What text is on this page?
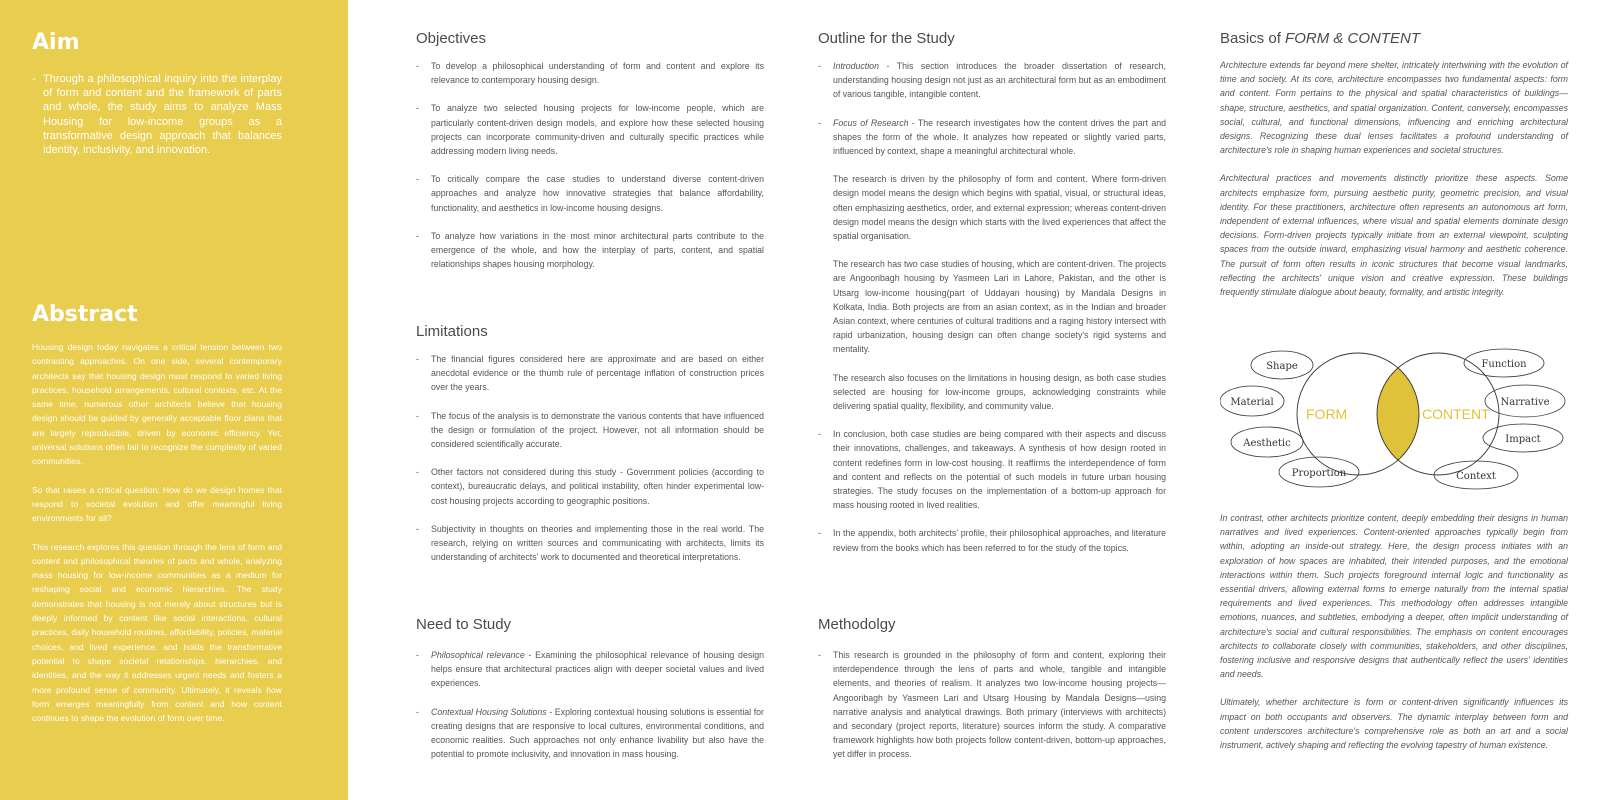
Aim
- Through a philosophical inquiry into the interplay of form and content and the framework of parts and whole, the study aims to analyze Mass Housing for low-income groups as a transformative design approach that balances identity, inclusivity, and innovation.
Abstract

Housing design today navigates a critical tension between two contrasting approaches. On one side, several contemporary architects say that housing design must respond to varied living practices, household arrangements, cultural contexts, etc. At the same time, numerous other architects believe that housing design should be guided by generally acceptable floor plans that are largely reproducible, driven by economic efficiency. Yet, universal solutions often fail to recognize the complexity of varied communities.

So that raises a critical question: How do we design homes that respond to societal evolution and offer meaningful living environments for all?

This research explores this question through the lens of form and content and philosophical theories of parts and whole, analyzing mass housing for low-income communities as a medium for reshaping social and economic hierarchies. The study demonstrates that housing is not merely about structures but is deeply informed by content like social interactions, cultural practices, daily household routines, affordability, policies, material choices, and lived experience, and holds the transformative potential to shape societal relationships, hierarchies, and identities, and the way it addresses urgent needs and fosters a more profound sense of community. Ultimately, it reveals how form emerges meaningfully from content and how content continues to shape the evolution of form over time.

Objectives
- To develop a philosophical understanding of form and content and explore its relevance to contemporary housing design.
- To analyze two selected housing projects for low-income people, which are particularly content-driven design models, and explore how these selected housing projects can incorporate community-driven and culturally specific practices while addressing modern living needs.
- To critically compare the case studies to understand diverse content-driven approaches and analyze how innovative strategies that balance affordability, functionality, and aesthetics in low-income housing designs.
- To analyze how variations in the most minor architectural parts contribute to the emergence of the whole, and how the interplay of parts, content, and spatial relationships shapes housing morphology.
Limitations
- The financial figures considered here are approximate and are based on either anecdotal evidence or the thumb rule of percentage inflation of construction prices over the years.
- The focus of the analysis is to demonstrate the various contents that have influenced the design or formulation of the project. However, not all information should be considered scientifically accurate.
- Other factors not considered during this study - Government policies (according to context), bureaucratic delays, and political instability, often hinder experimental low-cost housing projects according to geographic positions.
- Subjectivity in thoughts on theories and implementing those in the real world. The research, relying on written sources and communicating with architects, limits its understanding of architects' work to documented and theoretical interpretations.
Need to Study
- Philosophical relevance - Examining the philosophical relevance of housing design helps ensure that architectural practices align with deeper societal values and lived experiences.
- Contextual Housing Solutions - Exploring contextual housing solutions is essential for creating designs that are responsive to local cultures, environmental conditions, and economic realities. Such approaches not only enhance livability but also have the potential to promote inclusivity, and innovation in mass housing.
Outline for the Study
- Introduction - This section introduces the broader dissertation of research, understanding housing design not just as an architectural form but as an embodiment of various tangible, intangible content.
- Focus of Research - The research investigates how the content drives the part and shapes the form of the whole. It analyzes how repeated or slightly varied parts, influenced by context, shape a meaningful architectural whole.
The research is driven by the philosophy of form and content. Where form-driven design model means the design which begins with spatial, visual, or structural ideas, often emphasizing aesthetics, order, and external expression; whereas content-driven design model means the design which starts with the lived experiences that affect the spatial organisation.
The research has two case studies of housing, which are content-driven. The projects are Angooribagh housing by Yasmeen Lari in Lahore, Pakistan, and the other is Utsarg low-income housing(part of Uddayan housing) by Mandala Designs in Kolkata, India. Both projects are from an asian context, as in the Indian and broader Asian context, where centuries of cultural traditions and a raging history intersect with rapid urbanization, housing design can often change society's rigid systems and mentality.
The research also focuses on the limitations in housing design, as both case studies selected are housing for low-income groups, acknowledging constraints while delivering spatial quality, flexibility, and community value.
- In conclusion, both case studies are being compared with their aspects and discuss their innovations, challenges, and takeaways. A synthesis of how design rooted in content redefines form in low-cost housing. It reaffirms the interdependence of form and content and reflects on the potential of such models in future urban housing strategies. The study focuses on the implementation of a bottom-up approach for mass housing rooted in lived realities.
- In the appendix, both architects' profile, their philosophical approaches, and literature review from the books which has been referred to for the study of the topics.
Methodolgy
- This research is grounded in the philosophy of form and content, exploring their interdependence through the lens of parts and whole, tangible and intangible elements, and theories of realism. It analyzes two low-income housing projects—Angooribagh by Yasmeen Lari and Utsarg Housing by Mandala Designs—using narrative analysis and analytical drawings. Both primary (interviews with architects) and secondary (project reports, literature) sources inform the study. A comparative framework highlights how both projects follow content-driven, bottom-up approaches, yet differ in process.
Basics of FORM & CONTENT

Architecture extends far beyond mere shelter, intricately intertwining with the evolution of time and society. At its core, architecture encompasses two fundamental aspects: form and content. Form pertains to the physical and spatial characteristics of buildings—shape, structure, aesthetics, and spatial organization. Content, conversely, encompasses social, cultural, and functional dimensions, influencing and enriching architectural designs. Recognizing these dual lenses facilitates a profound understanding of architecture's role in shaping human experiences and societal structures.

Architectural practices and movements distinctly prioritize these aspects. Some architects emphasize form, pursuing aesthetic purity, geometric precision, and visual identity. For these practitioners, architecture often represents an autonomous art form, independent of external influences, where visual and spatial elements dominate design decisions. Form-driven projects typically initiate from an external viewpoint, sculpting spaces from the outside inward, emphasizing visual harmony and aesthetic coherence. The pursuit of form often results in iconic structures that become visual landmarks, reflecting the architects' unique vision and creative expression. These buildings frequently stimulate dialogue about beauty, formality, and artistic integrity.

FORM	CONTENT
Shape
Material
Aesthetic
Proportion
Function
Narrative
Impact
Context

In contrast, other architects prioritize content, deeply embedding their designs in human narratives and lived experiences. Content-oriented approaches typically begin from within, adopting an inside-out strategy. Here, the design process initiates with an exploration of how spaces are inhabited, their intended purposes, and the emotional interactions within them. Such projects foreground internal logic and functionality as essential drivers, allowing external forms to emerge naturally from the internal spatial requirements and lived experiences. This methodology often addresses intangible emotions, nuances, and subtleties, embodying a deeper, often implicit understanding of architecture's social and cultural responsibilities. The emphasis on content encourages architects to collaborate closely with communities, stakeholders, and other disciplines, fostering inclusive and responsive designs that authentically reflect the users' identities and needs.

Ultimately, whether architecture is form or content-driven significantly influences its impact on both occupants and observers. The dynamic interplay between form and content underscores architecture's comprehensive role as both an art and a social instrument, actively shaping and reflecting the evolving tapestry of human existence.
